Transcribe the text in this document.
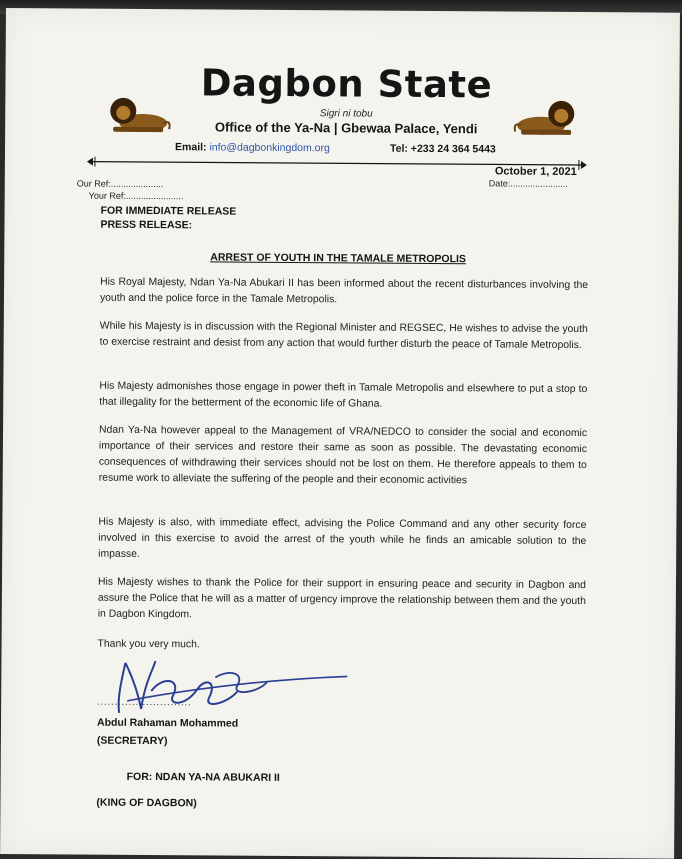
Dagbon State
Sigri ni tobu
Office of the Ya-Na | Gbewaa Palace, Yendi
Email: info@dagbonkingdom.org	Tel: +233 24 364 5443
October 1, 2021
Date:.......................
Our Ref:.....................
Your Ref:.......................
FOR IMMEDIATE RELEASE
PRESS RELEASE:
ARREST OF YOUTH IN THE TAMALE METROPOLIS
His Royal Majesty, Ndan Ya-Na Abukari II has been informed about the recent disturbances involving the youth and the police force in the Tamale Metropolis.
While his Majesty is in discussion with the Regional Minister and REGSEC, He wishes to advise the youth to exercise restraint and desist from any action that would further disturb the peace of Tamale Metropolis.
His Majesty admonishes those engage in power theft in Tamale Metropolis and elsewhere to put a stop to that illegality for the betterment of the economic life of Ghana.
Ndan Ya-Na however appeal to the Management of VRA/NEDCO to consider the social and economic importance of their services and restore their same as soon as possible. The devastating economic consequences of withdrawing their services should not be lost on them. He therefore appeals to them to resume work to alleviate the suffering of the people and their economic activities
His Majesty is also, with immediate effect, advising the Police Command and any other security force involved in this exercise to avoid the arrest of the youth while he finds an amicable solution to the impasse.
His Majesty wishes to thank the Police for their support in ensuring peace and security in Dagbon and assure the Police that he will as a matter of urgency improve the relationship between them and the youth in Dagbon Kingdom.
Thank you very much.
...........................
Abdul Rahaman Mohammed
(SECRETARY)
FOR: NDAN YA-NA ABUKARI II
(KING OF DAGBON)
